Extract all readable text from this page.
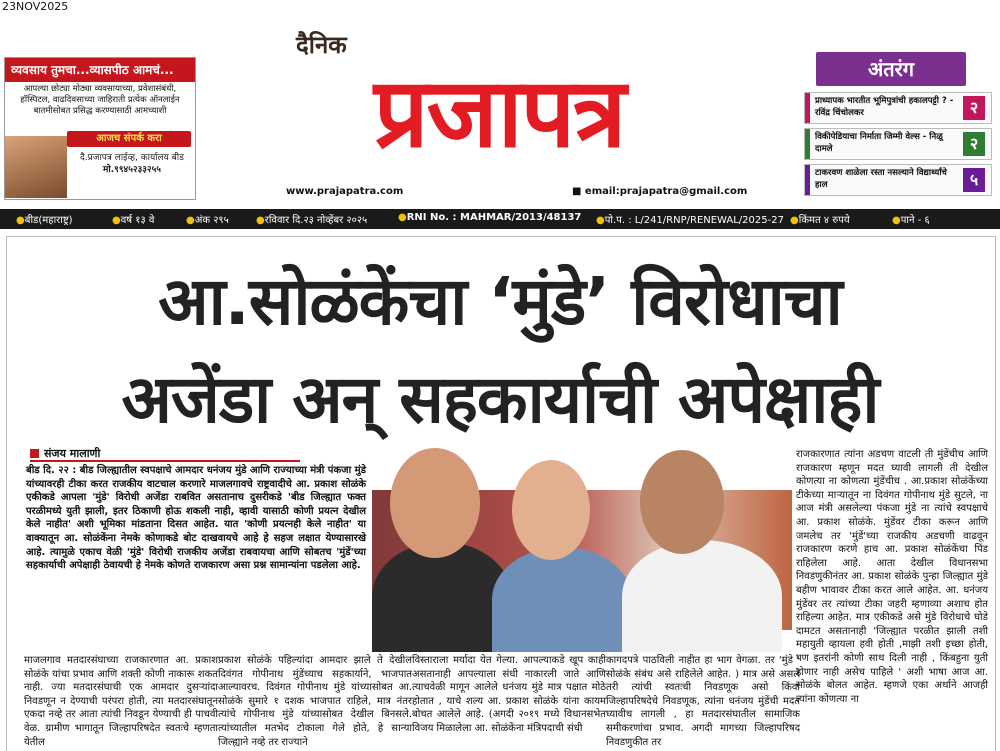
23NOV2025
व्यवसाय तुमचा...व्यासपीठ आमचं...
आपल्या छोट्या मोठ्या व्यवसायाच्या, प्रवेशासंबंधी, हॉस्पिटल, वाढदिवसाच्या जाहिराती प्रत्येक ऑनलाईन बातमीसोबत प्रसिद्ध करण्यासाठी आमच्याशी
आजच संपर्क करा
दै.प्रजापत्र लाईव्ह, कार्यालय बीड
मो.९९४५२३३२५५
दैनिक
प्रजापत्र
www.prajapatra.com	■ email:prajapatra@gmail.com
अंतरंग
प्राध्यापक भारतीत भूमिपुत्रांची हकालपट्टी ? - रविंद्र चिंचोलकर	२
विकीपेडियाचा निर्माता जिम्मी वेल्स - निळू दामले	२
टाकरवण शाळेला रस्ता नसल्याने विद्यार्थ्यांचे हाल	५
●बीड(महाराष्ट्र)	●वर्ष १३ वे	●अंक २९५	●रविवार दि.२३ नोव्हेंबर २०२५	●RNI No. : MAHMAR/2013/48137 ●पो.प. : L/241/RNP/RENEWAL/2025-27 ●किंमत ४ रुपये	●पाने - ६
आ.सोळंकेंचा ‘मुंडे’ विरोधाचा
अजेंडा अन् सहकार्याची अपेक्षाही
संजय मालाणी
बीड दि. २२ : बीड जिल्ह्यातील स्वपक्षाचे आमदार धनंजय मुंडे आणि राज्याच्या मंत्री पंकजा मुंडे यांच्यावरही टीका करत राजकीय वाटचाल करणारे माजलगावचे राष्ट्रवादीचे आ. प्रकाश सोळंके एकीकडे आपला 'मुंडे' विरोधी अजेंडा राबवित असतानाच दुसरीकडे 'बीड जिल्ह्यात फक्त परळीमध्ये युती झाली, इतर ठिकाणी होऊ शकली नाही, व्हावी यासाठी कोणी प्रयत्न देखील केले नाहीत' अशी भूमिका मांडताना दिसत आहेत. यात 'कोणी प्रयत्नही केले नाहीत' या वाक्यातून आ. सोळंकेंना नेमके कोणाकडे बोट दाखवायचे आहे हे सहज लक्षात येण्यासारखे आहे. त्यामुळे एकाच वेळी 'मुंडे' विरोधी राजकीय अजेंडा राबवायचा आणि सोबतच 'मुंडें'च्या सहकार्याची अपेक्षाही ठेवायची हे नेमके कोणते राजकारण असा प्रश्न सामान्यांना पडलेला आहे.
राजकारणात त्यांना अडचण वाटली ती मुंडेंचीच आणि राजकारण म्हणून मदत घ्यावी लागली ती देखील कोणत्या ना कोणत्या मुंडेंचीच . आ.प्रकाश सोळंकेंच्या टीकेच्या माऱ्यातून ना दिवंगत गोपीनाथ मुंडे सुटले, ना आज मंत्री असलेल्या पंकजा मुंडे ना त्यांचे स्वपक्षाचे आ. प्रकाश सोळंके. मुंडेंवर टीका करून आणि जमलेच तर 'मुंडें'च्या राजकीय अडचणी वाढवून राजकारण करणे हाच आ. प्रकाश सोळंकेंचा पिंड राहिलेला आहे. आता देखील विधानसभा निवडणुकीनंतर आ. प्रकाश सोळंके पुन्हा जिल्ह्यात मुंडे बहीण भावावर टीका करत आले आहेत. आ. धनंजय मुंडेंवर तर त्यांच्या टीका जहरी म्हणाव्या अशाच होत राहिल्या आहेत. मात्र एकीकडे असे मुंडे विरोधाचे घोडे दामटत असतानाही 'जिल्ह्यात परळीत झाली तशी महायुती व्हायला हवी होती ,माझी तशी इच्छा होती, पण इतरांनी कोणी साथ दिली नाही , किंबहुना युती होणार नाही असेच पाहिले ' अशी भाषा आज आ. सोळंके बोलत आहेत. म्हणजे एका अर्थाने आजही त्यांना कोणत्या ना
माजलगाव मतदारसंघाच्या राजकारणात आ. प्रकाश सोळंके यांचा प्रभाव आणि शक्ती कोणी नाकारू शकत नाही. ज्या मतदारसंघाची एक आमदार दुसऱ्यांदा निवडणून न देण्याची परंपरा होती, त्या मतदारसंघातून एकदा नव्हे तर आता त्यांची निवडून येण्याची ही पाचवी वेळ. ग्रामीण भागातून जिल्हापरिषदेत स्वतःचे म्हणता येतील
प्रकाश सोळंके पहिल्यांदा आमदार झाले ते देखील दिवंगत गोपीनाथ मुंडेंच्याच सहकार्याने, भाजपात आल्यावरच. दिवंगत गोपीनाथ मुंडे यांच्यासोबत आ. सोळंके सुमारे १ दशक भाजपात राहिले, मात्र नंतर त्यांचे गोपीनाथ मुंडे यांच्यासोबत देखील बिनसले. त्यांच्यातील मतभेद टोकाला गेले होते, हे सान्या जिल्ह्याने नव्हे तर राज्याने
विस्ताराला मर्यादा येत गेल्या. आपल्याकडे खूप काही असतानाही आपल्याला संधी नाकारली जाते आणि त्याचवेळी मागून आलेले धनंजय मुंडे मात्र पक्षात मोठे होतात , याचे शल्य आ. प्रकाश सोळंके यांना कायम बोचत आलेले आहे. (अगदी २०१९ मध्ये विधानसभेत विजय मिळालेला आ. सोळंकेंना मंत्रिपदाची संधी
कागदपत्रे पाठविली नाहीत हा भाग वेगळा. तर 'मुंडे ' सोळंके संबंध असे राहिलेले आहेत. ) मात्र असे असले तरी त्यांची स्वतःची निवडणूक असो किंवा जिल्हापरिषदेचे निवडणूक, त्यांना धनंजय मुंडेंची मदत घ्यावीच लागली , हा मतदारसंघातील सामाजिक समीकरणांचा प्रभाव. अगदी मागच्या जिल्हापरिषद निवडणुकीत तर
